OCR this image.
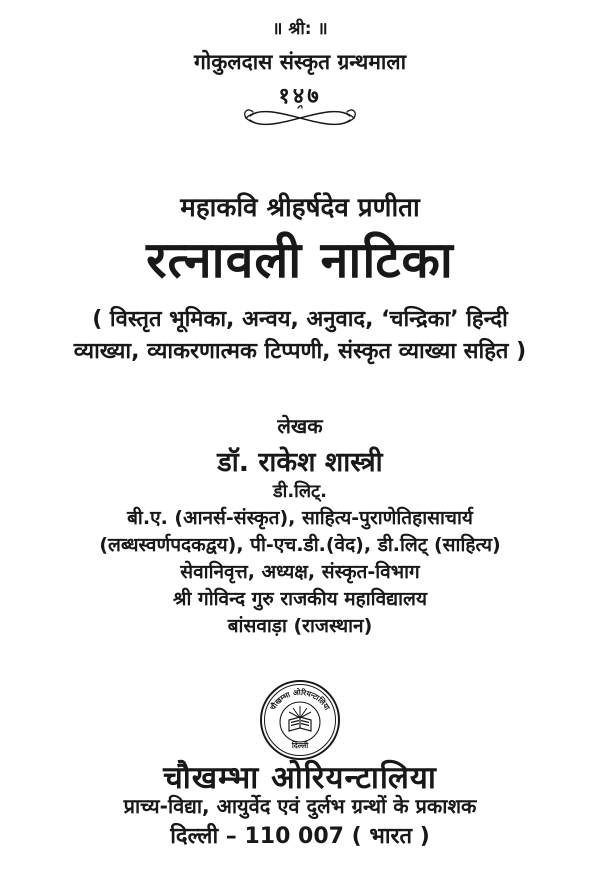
॥ श्री: ॥
गोकुलदास संस्कृत ग्रन्थमाला
१४७
महाकवि श्रीहर्षदेव प्रणीता
रत्नावली नाटिका
( विस्तृत भूमिका, अन्वय, अनुवाद, ‘चन्द्रिका’ हिन्दी
व्याख्या, व्याकरणात्मक टिप्पणी, संस्कृत व्याख्या सहित )
लेखक
डॉ. राकेश शास्त्री
डी.लिट्.
बी.ए. (आनर्स-संस्कृत), साहित्य-पुराणेतिहासाचार्य
(लब्धस्वर्णपदकद्वय), पी-एच.डी.(वेद), डी.लिट् (साहित्य)
सेवानिवृत्त, अध्यक्ष, संस्कृत-विभाग
श्री गोविन्द गुरु राजकीय महाविद्यालय
बांसवाड़ा (राजस्थान)
चौखम्भा ओरियन्टालिया
दिल्ली
चौखम्भा ओरियन्टालिया
प्राच्य-विद्या, आयुर्वेद एवं दुर्लभ ग्रन्थों के प्रकाशक
दिल्ली – 110 007 ( भारत )
